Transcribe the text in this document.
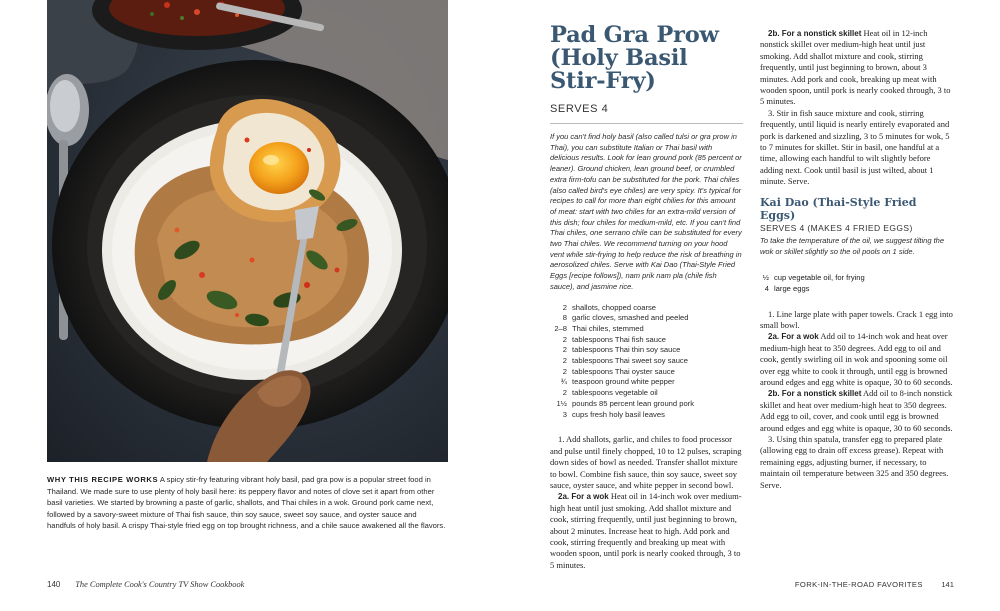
WHY THIS RECIPE WORKS A spicy stir-fry featuring vibrant holy basil, pad gra pow is a popular street food in Thailand. We made sure to use plenty of holy basil here: its peppery flavor and notes of clove set it apart from other basil varieties. We started by browning a paste of garlic, shallots, and Thai chiles in a wok. Ground pork came next, followed by a savory-sweet mixture of Thai fish sauce, thin soy sauce, sweet soy sauce, and oyster sauce and handfuls of holy basil. A crispy Thai-style fried egg on top brought richness, and a chile sauce awakened all the flavors.
140 The Complete Cook's Country TV Show Cookbook	FORK-IN-THE-ROAD FAVORITES 141
Pad Gra Prow
(Holy Basil
Stir-Fry)
SERVES 4
If you can't find holy basil (also called tulsi or gra prow in Thai), you can substitute Italian or Thai basil with delicious results. Look for lean ground pork (85 percent or leaner). Ground chicken, lean ground beef, or crumbled extra firm-tofu can be substituted for the pork. Thai chiles (also called bird's eye chiles) are very spicy. It's typical for recipes to call for more than eight chilies for this amount of meat: start with two chiles for an extra-mild version of this dish; four chiles for medium-mild, etc. If you can't find Thai chiles, one serrano chile can be substituted for every two Thai chiles. We recommend turning on your hood vent while stir-frying to help reduce the risk of breathing in aerosolized chiles. Serve with Kai Dao (Thai-Style Fried Eggs [recipe follows]), nam prik nam pla (chile fish sauce), and jasmine rice.
2 shallots, chopped coarse
8 garlic cloves, smashed and peeled
2–8 Thai chiles, stemmed
2 tablespoons Thai fish sauce
2 tablespoons Thai thin soy sauce
2 tablespoons Thai sweet soy sauce
2 tablespoons Thai oyster sauce
¾ teaspoon ground white pepper
2 tablespoons vegetable oil
1½ pounds 85 percent lean ground pork
3 cups fresh holy basil leaves

1. Add shallots, garlic, and chiles to food processor and pulse until finely chopped, 10 to 12 pulses, scraping down sides of bowl as needed. Transfer shallot mixture to bowl. Combine fish sauce, thin soy sauce, sweet soy sauce, oyster sauce, and white pepper in second bowl.

2a. For a wok Heat oil in 14-inch wok over medium-high heat until just smoking. Add shallot mixture and cook, stirring frequently, until just beginning to brown, about 2 minutes. Increase heat to high. Add pork and cook, stirring frequently and breaking up meat with wooden spoon, until pork is nearly cooked through, 3 to 5 minutes.

2b. For a nonstick skillet Heat oil in 12-inch nonstick skillet over medium-high heat until just smoking. Add shallot mixture and cook, stirring frequently, until just beginning to brown, about 3 minutes. Add pork and cook, breaking up meat with wooden spoon, until pork is nearly cooked through, 3 to 5 minutes.

3. Stir in fish sauce mixture and cook, stirring frequently, until liquid is nearly entirely evaporated and pork is darkened and sizzling, 3 to 5 minutes for wok, 5 to 7 minutes for skillet. Stir in basil, one handful at a time, allowing each handful to wilt slightly before adding next. Cook until basil is just wilted, about 1 minute. Serve.

Kai Dao (Thai-Style Fried Eggs)
SERVES 4 (MAKES 4 FRIED EGGS)
To take the temperature of the oil, we suggest tilting the wok or skillet slightly so the oil pools on 1 side.
½ cup vegetable oil, for frying
4 large eggs

1. Line large plate with paper towels. Crack 1 egg into small bowl.

2a. For a wok Add oil to 14-inch wok and heat over medium-high heat to 350 degrees. Add egg to oil and cook, gently swirling oil in wok and spooning some oil over egg white to cook it through, until egg is browned around edges and egg white is opaque, 30 to 60 seconds.

2b. For a nonstick skillet Add oil to 8-inch nonstick skillet and heat over medium-high heat to 350 degrees. Add egg to oil, cover, and cook until egg is browned around edges and egg white is opaque, 30 to 60 seconds.

3. Using thin spatula, transfer egg to prepared plate (allowing egg to drain off excess grease). Repeat with remaining eggs, adjusting burner, if necessary, to maintain oil temperature between 325 and 350 degrees. Serve.
